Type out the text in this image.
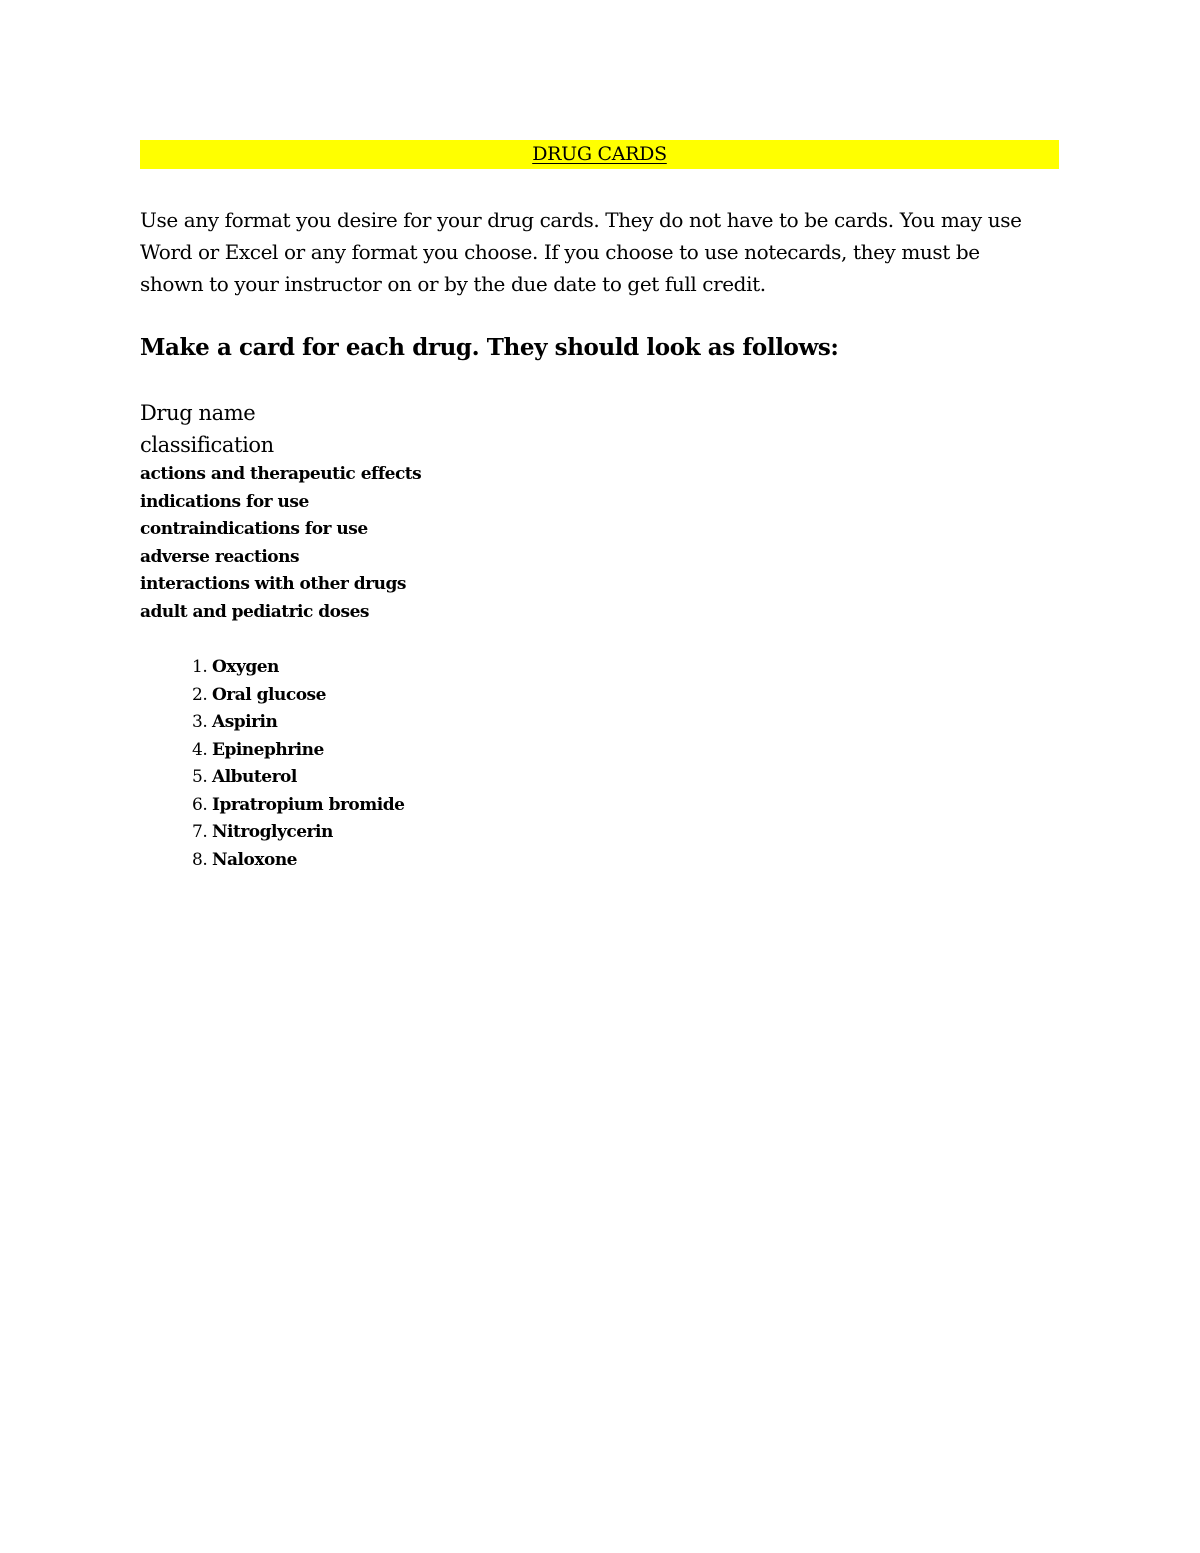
DRUG CARDS
Use any format you desire for your drug cards. They do not have to be cards. You may use Word or Excel or any format you choose. If you choose to use notecards, they must be shown to your instructor on or by the due date to get full credit.
Make a card for each drug. They should look as follows:
Drug name
classification
actions and therapeutic effects
indications for use
contraindications for use
adverse reactions
interactions with other drugs
adult and pediatric doses
1. Oxygen
2. Oral glucose
3. Aspirin
4. Epinephrine
5. Albuterol
6. Ipratropium bromide
7. Nitroglycerin
8. Naloxone
